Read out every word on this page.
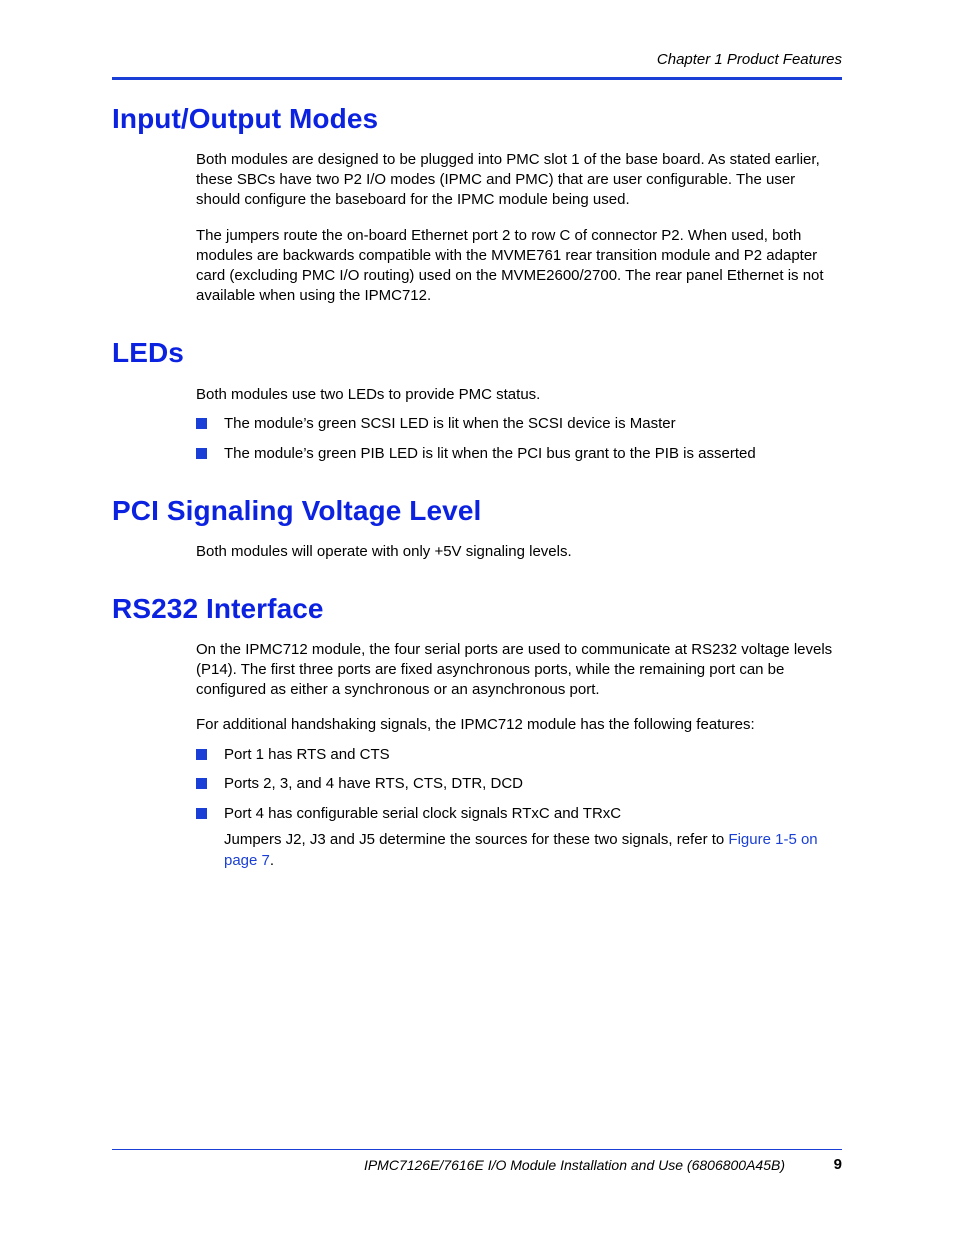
Chapter 1 Product Features
Input/Output Modes

Both modules are designed to be plugged into PMC slot 1 of the base board. As stated earlier, these SBCs have two P2 I/O modes (IPMC and PMC) that are user configurable. The user should configure the baseboard for the IPMC module being used.

The jumpers route the on-board Ethernet port 2 to row C of connector P2. When used, both modules are backwards compatible with the MVME761 rear transition module and P2 adapter card (excluding PMC I/O routing) used on the MVME2600/2700. The rear panel Ethernet is not available when using the IPMC712.

LEDs

Both modules use two LEDs to provide PMC status.

The module’s green SCSI LED is lit when the SCSI device is Master
The module’s green PIB LED is lit when the PCI bus grant to the PIB is asserted
PCI Signaling Voltage Level

Both modules will operate with only +5V signaling levels.

RS232 Interface

On the IPMC712 module, the four serial ports are used to communicate at RS232 voltage levels (P14). The first three ports are fixed asynchronous ports, while the remaining port can be configured as either a synchronous or an asynchronous port.

For additional handshaking signals, the IPMC712 module has the following features:

Port 1 has RTS and CTS
Ports 2, 3, and 4 have RTS, CTS, DTR, DCD
Port 4 has configurable serial clock signals RTxC and TRxC

Jumpers J2, J3 and J5 determine the sources for these two signals, refer to Figure 1-5 on page 7.

IPMC7126E/7616E I/O Module Installation and Use (6806800A45B)	9
